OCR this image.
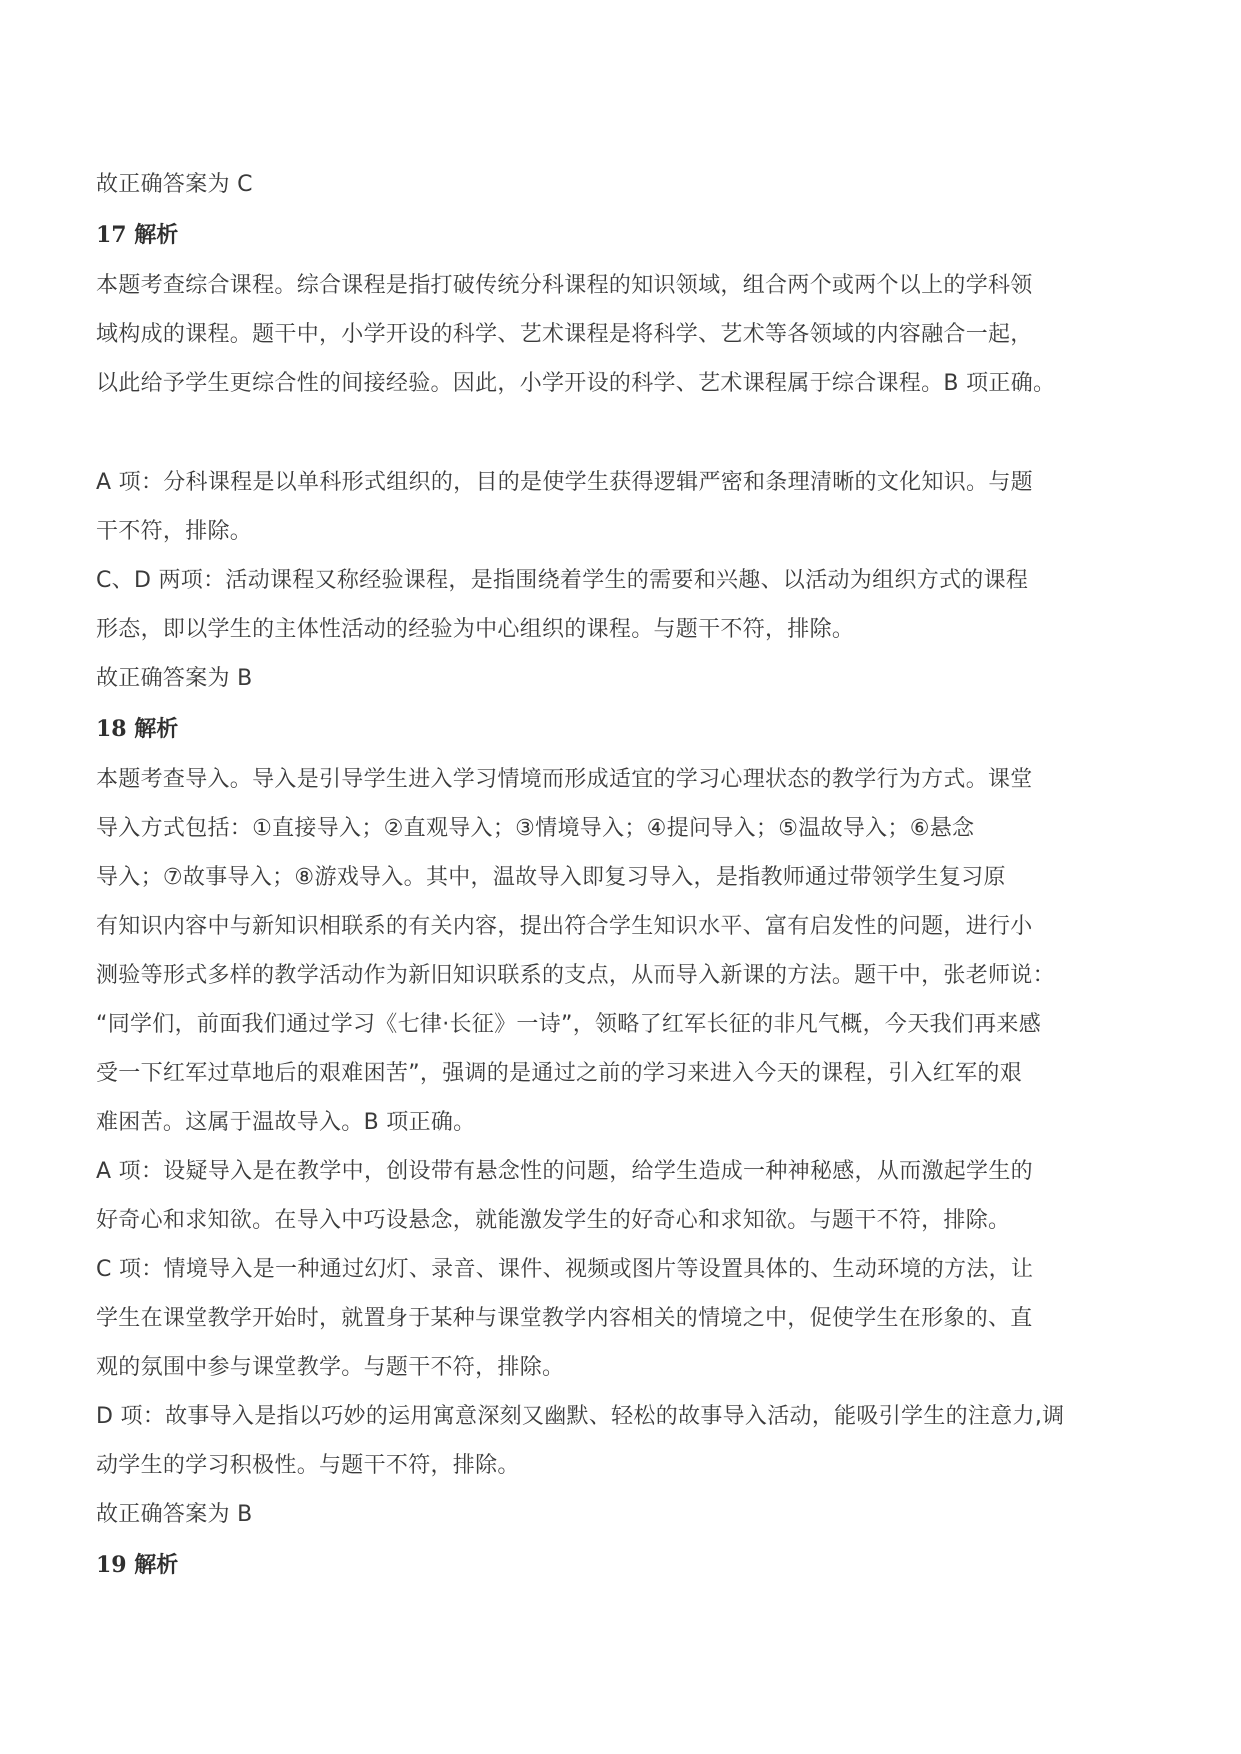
故正确答案为 C
17 解析
本题考查综合课程。综合课程是指打破传统分科课程的知识领域，组合两个或两个以上的学科领
域构成的课程。题干中，小学开设的科学、艺术课程是将科学、艺术等各领域的内容融合一起，
以此给予学生更综合性的间接经验。因此，小学开设的科学、艺术课程属于综合课程。B 项正确。
A 项：分科课程是以单科形式组织的，目的是使学生获得逻辑严密和条理清晰的文化知识。与题
干不符，排除。
C、D 两项：活动课程又称经验课程，是指围绕着学生的需要和兴趣、以活动为组织方式的课程
形态，即以学生的主体性活动的经验为中心组织的课程。与题干不符，排除。
故正确答案为 B
18 解析
本题考查导入。导入是引导学生进入学习情境而形成适宜的学习心理状态的教学行为方式。课堂
导入方式包括：①直接导入；②直观导入；③情境导入；④提问导入；⑤温故导入；⑥悬念
导入；⑦故事导入；⑧游戏导入。其中，温故导入即复习导入，是指教师通过带领学生复习原
有知识内容中与新知识相联系的有关内容，提出符合学生知识水平、富有启发性的问题，进行小
测验等形式多样的教学活动作为新旧知识联系的支点，从而导入新课的方法。题干中，张老师说：
“同学们，前面我们通过学习《七律·长征》一诗”，领略了红军长征的非凡气概，今天我们再来感
受一下红军过草地后的艰难困苦”，强调的是通过之前的学习来进入今天的课程，引入红军的艰
难困苦。这属于温故导入。B 项正确。
A 项：设疑导入是在教学中，创设带有悬念性的问题，给学生造成一种神秘感，从而激起学生的
好奇心和求知欲。在导入中巧设悬念，就能激发学生的好奇心和求知欲。与题干不符，排除。
C 项：情境导入是一种通过幻灯、录音、课件、视频或图片等设置具体的、生动环境的方法，让
学生在课堂教学开始时，就置身于某种与课堂教学内容相关的情境之中，促使学生在形象的、直
观的氛围中参与课堂教学。与题干不符，排除。
D 项：故事导入是指以巧妙的运用寓意深刻又幽默、轻松的故事导入活动，能吸引学生的注意力,调
动学生的学习积极性。与题干不符，排除。
故正确答案为 B
19 解析
